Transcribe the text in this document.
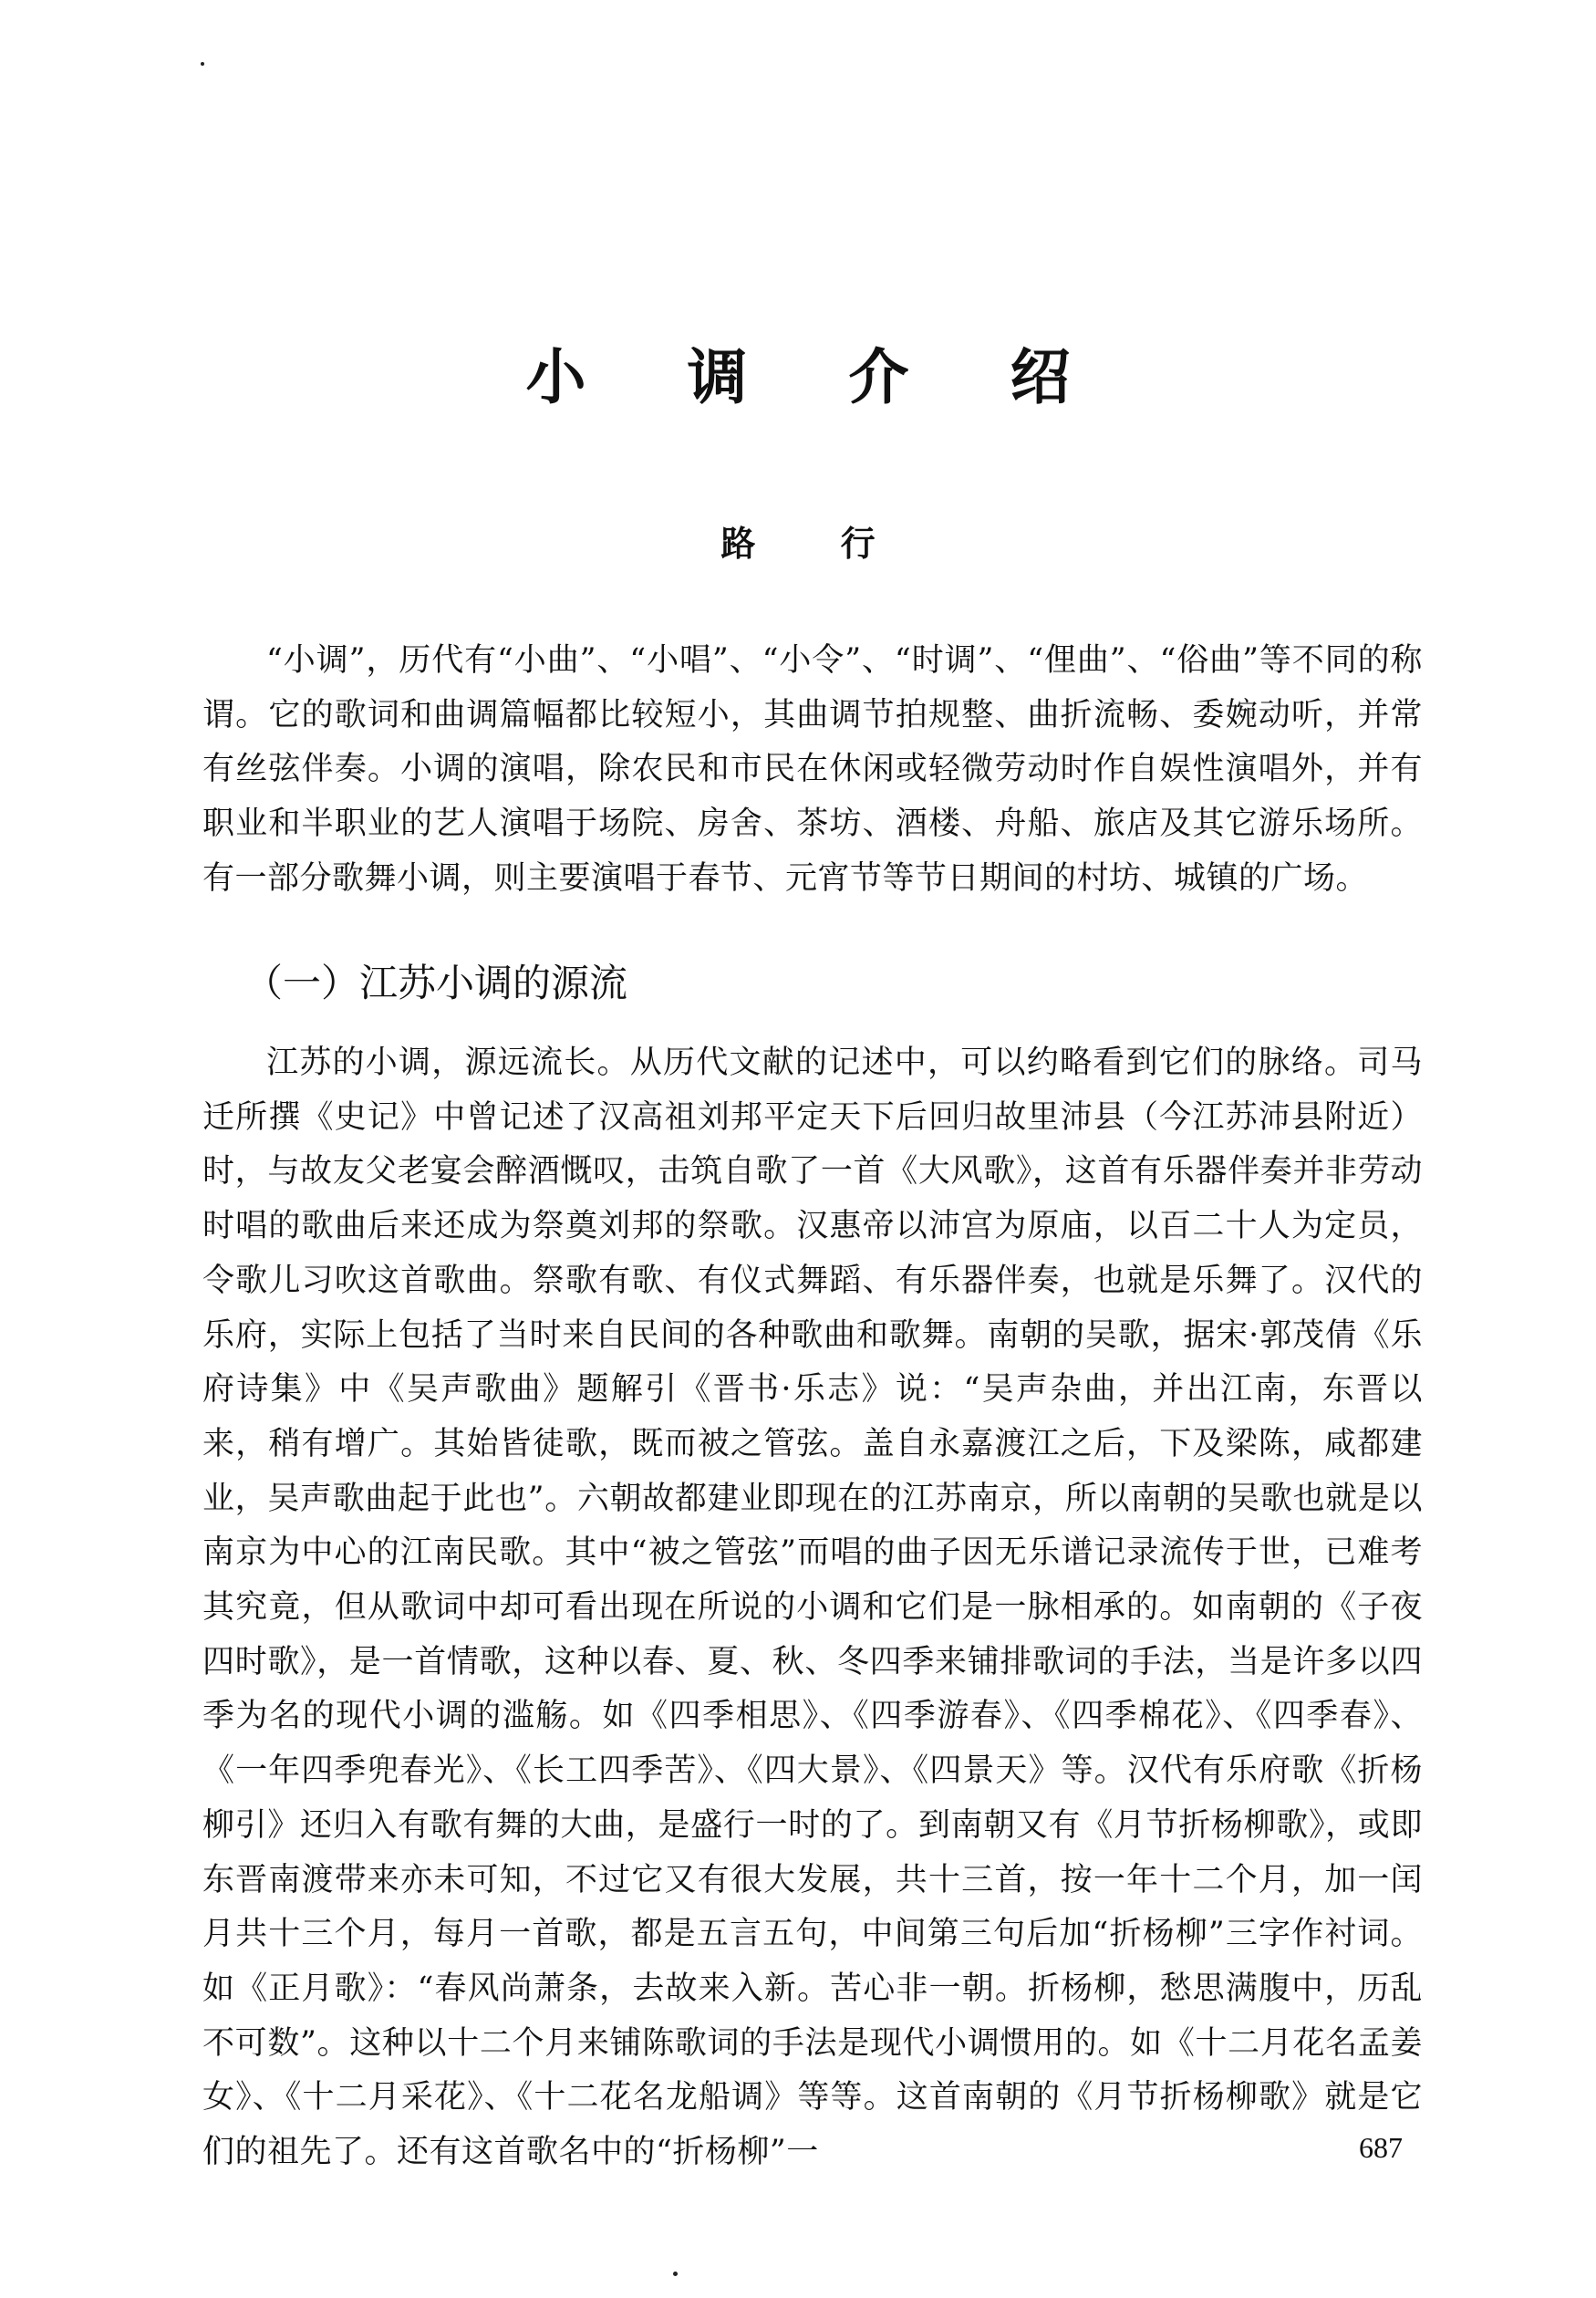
小 调 介 绍
路 行

“小调”，历代有“小曲”、“小唱”、“小令”、“时调”、“俚曲”、“俗曲”等不同的称谓。它的歌词和曲调篇幅都比较短小，其曲调节拍规整、曲折流畅、委婉动听，并常有丝弦伴奏。小调的演唱，除农民和市民在休闲或轻微劳动时作自娱性演唱外，并有职业和半职业的艺人演唱于场院、房舍、茶坊、酒楼、舟船、旅店及其它游乐场所。有一部分歌舞小调，则主要演唱于春节、元宵节等节日期间的村坊、城镇的广场。

（一）江苏小调的源流

江苏的小调，源远流长。从历代文献的记述中，可以约略看到它们的脉络。司马迁所撰《史记》中曾记述了汉高祖刘邦平定天下后回归故里沛县（今江苏沛县附近）时，与故友父老宴会醉酒慨叹，击筑自歌了一首《大风歌》，这首有乐器伴奏并非劳动时唱的歌曲后来还成为祭奠刘邦的祭歌。汉惠帝以沛宫为原庙，以百二十人为定员，令歌儿习吹这首歌曲。祭歌有歌、有仪式舞蹈、有乐器伴奏，也就是乐舞了。汉代的乐府，实际上包括了当时来自民间的各种歌曲和歌舞。南朝的吴歌，据宋·郭茂倩《乐府诗集》中《吴声歌曲》题解引《晋书·乐志》说：“吴声杂曲，并出江南，东晋以来，稍有增广。其始皆徒歌，既而被之管弦。盖自永嘉渡江之后，下及梁陈，咸都建业，吴声歌曲起于此也”。六朝故都建业即现在的江苏南京，所以南朝的吴歌也就是以南京为中心的江南民歌。其中“被之管弦”而唱的曲子因无乐谱记录流传于世，已难考其究竟，但从歌词中却可看出现在所说的小调和它们是一脉相承的。如南朝的《子夜四时歌》，是一首情歌，这种以春、夏、秋、冬四季来铺排歌词的手法，当是许多以四季为名的现代小调的滥觞。如《四季相思》、《四季游春》、《四季棉花》、《四季春》、《一年四季兜春光》、《长工四季苦》、《四大景》、《四景天》等。汉代有乐府歌《折杨柳引》还归入有歌有舞的大曲，是盛行一时的了。到南朝又有《月节折杨柳歌》，或即东晋南渡带来亦未可知，不过它又有很大发展，共十三首，按一年十二个月，加一闰月共十三个月，每月一首歌，都是五言五句，中间第三句后加“折杨柳”三字作衬词。如《正月歌》：“春风尚萧条，去故来入新。苦心非一朝。折杨柳，愁思满腹中，历乱不可数”。这种以十二个月来铺陈歌词的手法是现代小调惯用的。如《十二月花名孟姜女》、《十二月采花》、《十二花名龙船调》等等。这首南朝的《月节折杨柳歌》就是它们的祖先了。还有这首歌名中的“折杨柳”一	687
